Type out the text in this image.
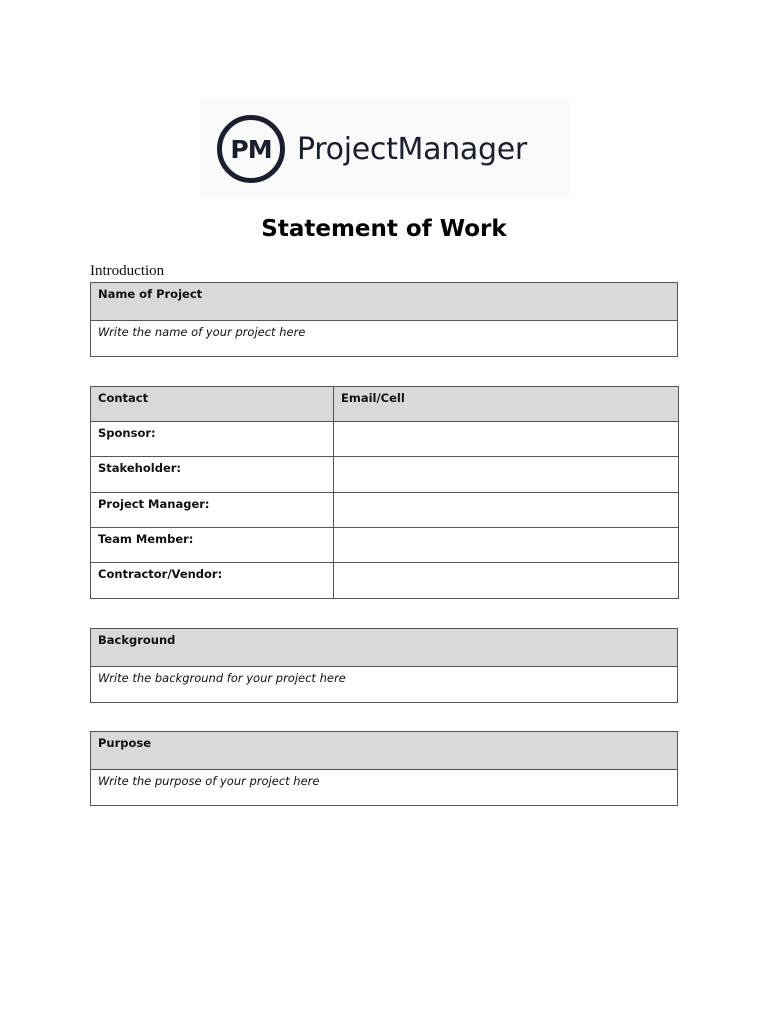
PM ProjectManager
Statement of Work
Introduction
Name of Project
Write the name of your project here
Contact	Email/Cell
Sponsor:	
Stakeholder:	
Project Manager:	
Team Member:	
Contractor/Vendor:	
Background
Write the background for your project here
Purpose
Write the purpose of your project here
